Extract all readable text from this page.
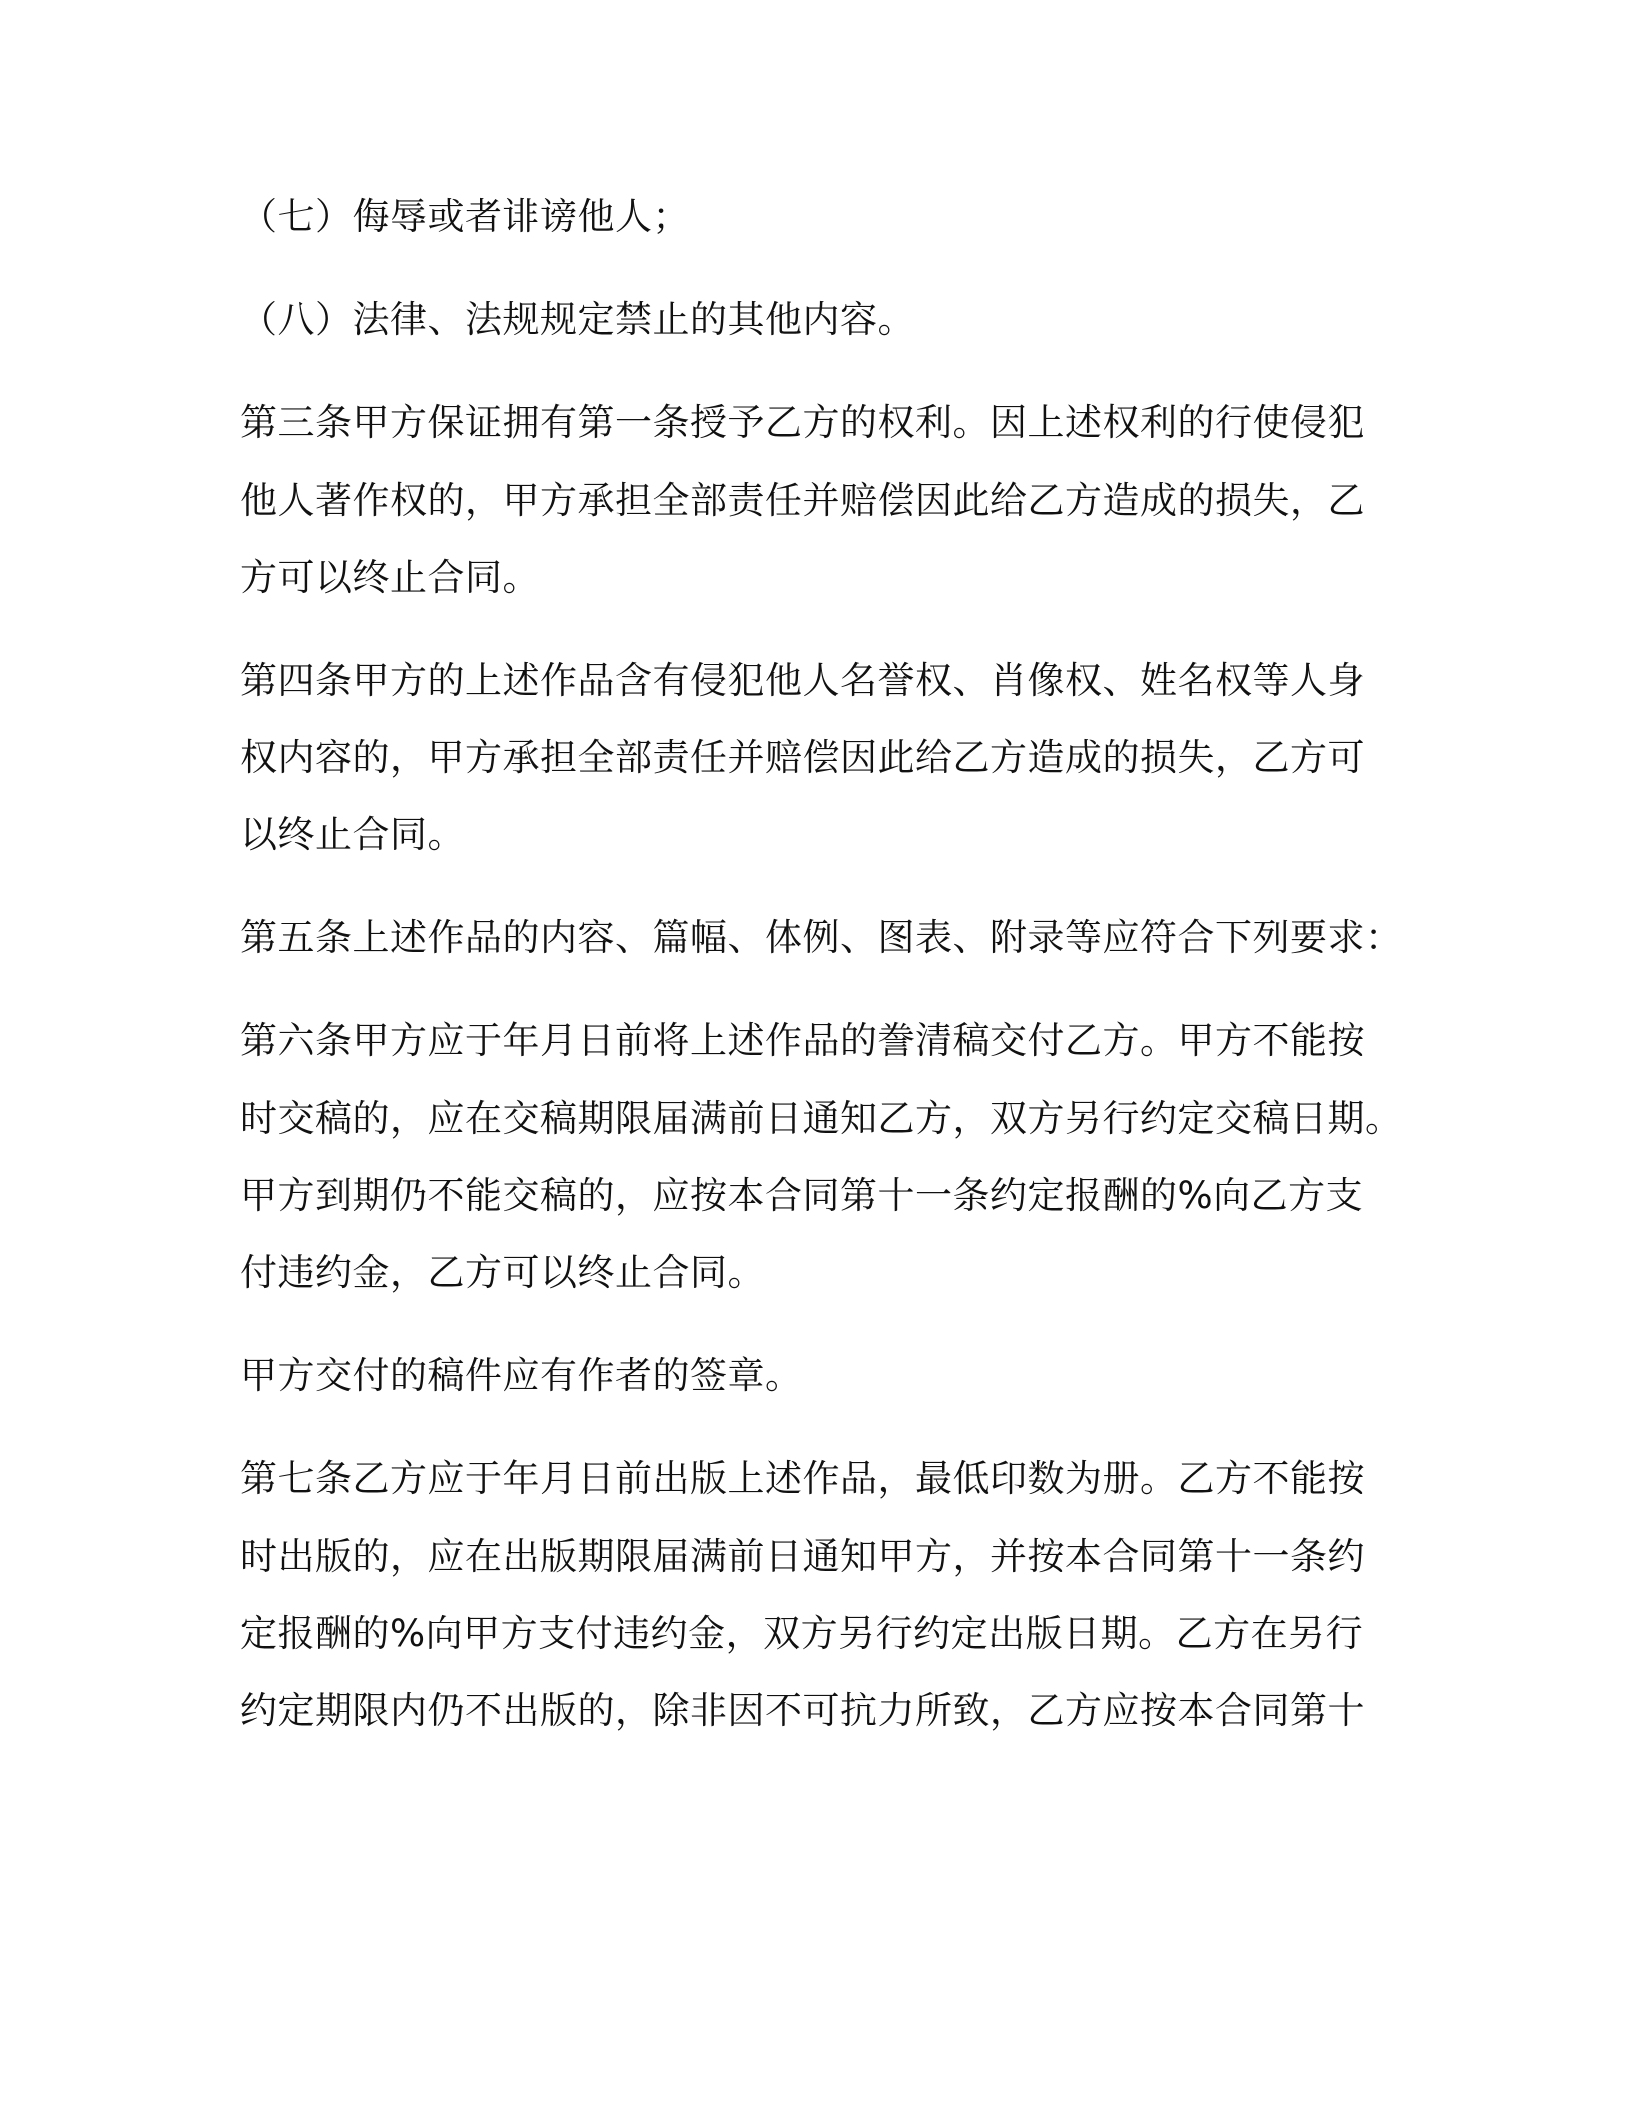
（七）侮辱或者诽谤他人；
（八）法律、法规规定禁止的其他内容。
第三条甲方保证拥有第一条授予乙方的权利。因上述权利的行使侵犯
他人著作权的，甲方承担全部责任并赔偿因此给乙方造成的损失，乙
方可以终止合同。
第四条甲方的上述作品含有侵犯他人名誉权、肖像权、姓名权等人身
权内容的，甲方承担全部责任并赔偿因此给乙方造成的损失，乙方可
以终止合同。
第五条上述作品的内容、篇幅、体例、图表、附录等应符合下列要求：
第六条甲方应于年月日前将上述作品的誊清稿交付乙方。甲方不能按
时交稿的，应在交稿期限届满前日通知乙方，双方另行约定交稿日期。
甲方到期仍不能交稿的，应按本合同第十一条约定报酬的%向乙方支
付违约金，乙方可以终止合同。
甲方交付的稿件应有作者的签章。
第七条乙方应于年月日前出版上述作品，最低印数为册。乙方不能按
时出版的，应在出版期限届满前日通知甲方，并按本合同第十一条约
定报酬的%向甲方支付违约金，双方另行约定出版日期。乙方在另行
约定期限内仍不出版的，除非因不可抗力所致，乙方应按本合同第十
